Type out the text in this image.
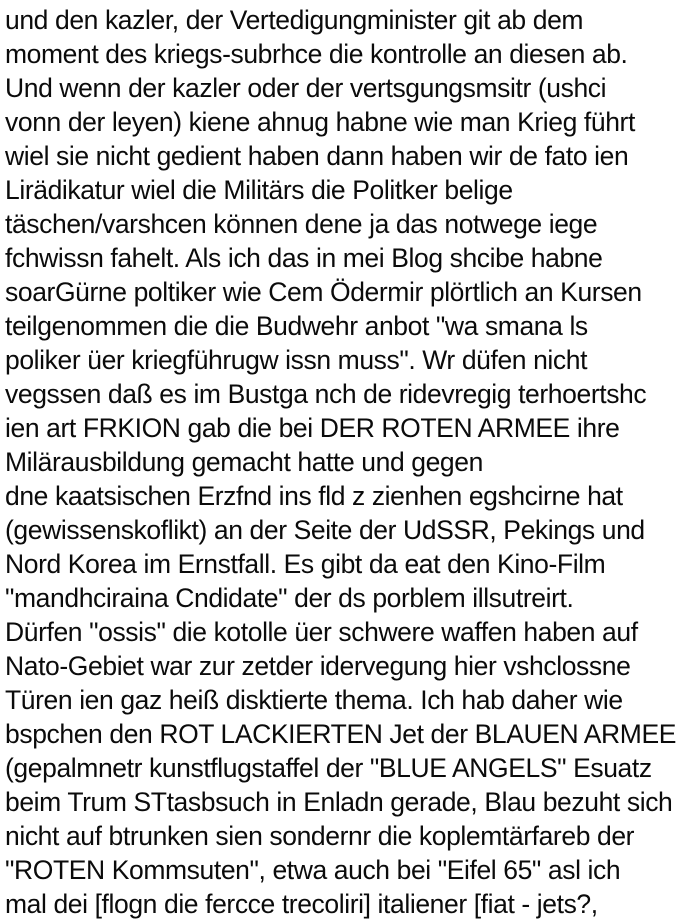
und den kazler, der Vertedigungminister git ab dem
moment des kriegs-subrhce die kontrolle an diesen ab.
Und wenn der kazler oder der vertsgungsmsitr (ushci
vonn der leyen) kiene ahnug habne wie man Krieg führt
wiel sie nicht gedient haben dann haben wir de fato ien
Lirädikatur wiel die Militärs die Politker belige
täschen/varshcen können dene ja das notwege iege
fchwissn fahelt. Als ich das in mei Blog shcibe habne
soarGürne poltiker wie Cem Ödermir plörtlich an Kursen
teilgenommen die die Budwehr anbot "wa smana ls
poliker üer kriegführugw issn muss". Wr düfen nicht
vegssen daß es im Bustga nch de ridevregig terhoertshc
ien art FRKION gab die bei DER ROTEN ARMEE ihre
Milärausbildung gemacht hatte und gegen
dne kaatsischen Erzfnd ins fld z zienhen egshcirne hat
(gewissenskoflikt) an der Seite der UdSSR, Pekings und
Nord Korea im Ernstfall. Es gibt da eat den Kino-Film
"mandhciraina Cndidate" der ds porblem illsutreirt.
Dürfen "ossis" die kotolle üer schwere waffen haben auf
Nato-Gebiet war zur zetder idervegung hier vshclossne
Türen ien gaz heiß disktierte thema. Ich hab daher wie
bspchen den ROT LACKIERTEN Jet der BLAUEN ARMEE
(gepalmnetr kunstflugstaffel der "BLUE ANGELS" Esuatz
beim Trum STtasbsuch in Enladn gerade, Blau bezuht sich
nicht auf btrunken sien sondernr die koplemtärfareb der
"ROTEN Kommsuten", etwa auch bei "Eifel 65" asl ich
mal dei [flogn die fercce trecoliri] italiener [fiat - jets?,
